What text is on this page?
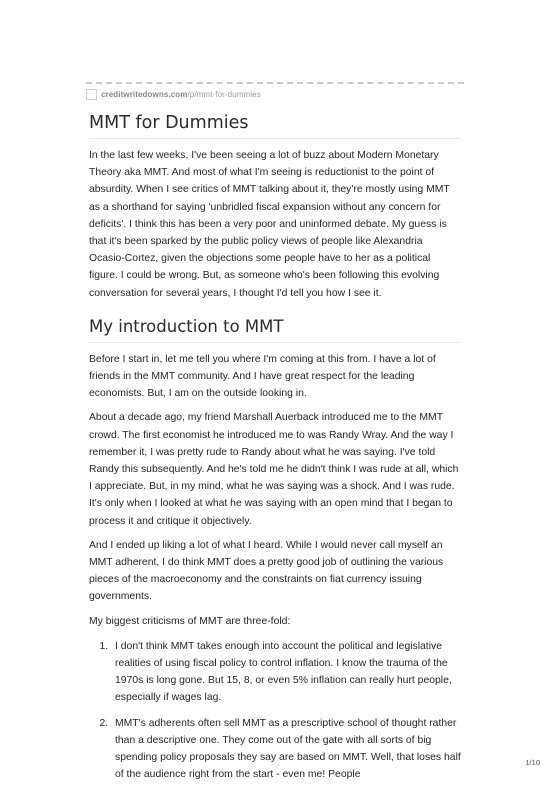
creditwritedowns.com /p/mmt-for-dummies
MMT for Dummies

In the last few weeks, I've been seeing a lot of buzz about Modern Monetary Theory aka MMT. And most of what I'm seeing is reductionist to the point of absurdity. When I see critics of MMT talking about it, they're mostly using MMT as a shorthand for saying 'unbridled fiscal expansion without any concern for deficits'. I think this has been a very poor and uninformed debate. My guess is that it's been sparked by the public policy views of people like Alexandria Ocasio-Cortez, given the objections some people have to her as a political figure. I could be wrong. But, as someone who's been following this evolving conversation for several years, I thought I'd tell you how I see it.

My introduction to MMT

Before I start in, let me tell you where I'm coming at this from. I have a lot of friends in the MMT community. And I have great respect for the leading economists. But, I am on the outside looking in.

About a decade ago, my friend Marshall Auerback introduced me to the MMT crowd. The first economist he introduced me to was Randy Wray. And the way I remember it, I was pretty rude to Randy about what he was saying. I've told Randy this subsequently. And he's told me he didn't think I was rude at all, which I appreciate. But, in my mind, what he was saying was a shock. And I was rude. It's only when I looked at what he was saying with an open mind that I began to process it and critique it objectively.

And I ended up liking a lot of what I heard. While I would never call myself an MMT adherent, I do think MMT does a pretty good job of outlining the various pieces of the macroeconomy and the constraints on fiat currency issuing governments.

My biggest criticisms of MMT are three-fold:

1. I don't think MMT takes enough into account the political and legislative realities of using fiscal policy to control inflation. I know the trauma of the 1970s is long gone. But 15, 8, or even 5% inflation can really hurt people, especially if wages lag.
2. MMT's adherents often sell MMT as a prescriptive school of thought rather than a descriptive one. They come out of the gate with all sorts of big spending policy proposals they say are based on MMT. Well, that loses half of the audience right from the start - even me! People
1/10
